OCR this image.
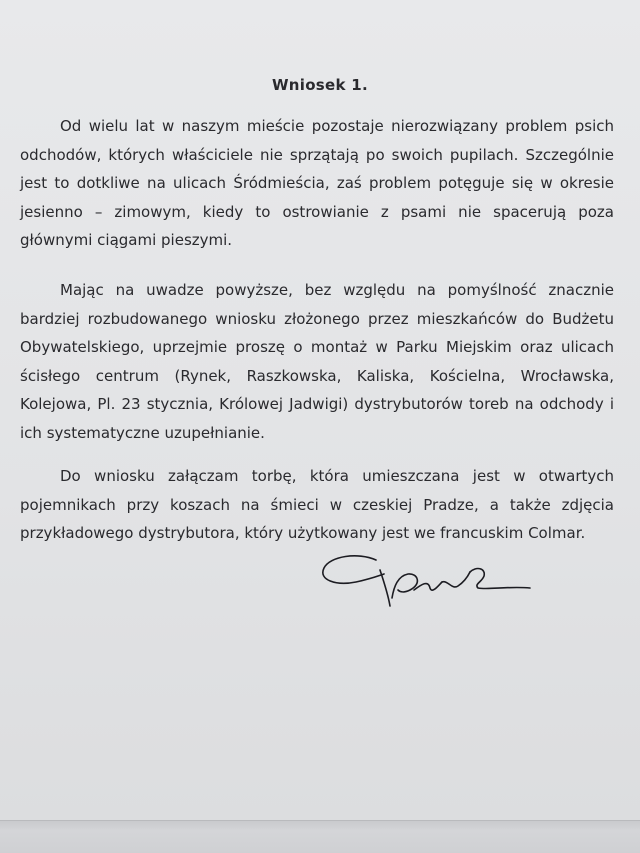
Wniosek 1.

Od wielu lat w naszym mieście pozostaje nierozwiązany problem psich odchodów, których właściciele nie sprzątają po swoich pupilach. Szczególnie jest to dotkliwe na ulicach Śródmieścia, zaś problem potęguje się w okresie jesienno – zimowym, kiedy to ostrowianie z psami nie spacerują poza głównymi ciągami pieszymi.

Mając na uwadze powyższe, bez względu na pomyślność znacznie bardziej rozbudowanego wniosku złożonego przez mieszkańców do Budżetu Obywatelskiego, uprzejmie proszę o montaż w Parku Miejskim oraz ulicach ścisłego centrum (Rynek, Raszkowska, Kaliska, Kościelna, Wrocławska, Kolejowa, Pl. 23 stycznia, Królowej Jadwigi) dystrybutorów toreb na odchody i ich systematyczne uzupełnianie.

Do wniosku załączam torbę, która umieszczana jest w otwartych pojemnikach przy koszach na śmieci w czeskiej Pradze, a także zdjęcia przykładowego dystrybutora, który użytkowany jest we francuskim Colmar.
